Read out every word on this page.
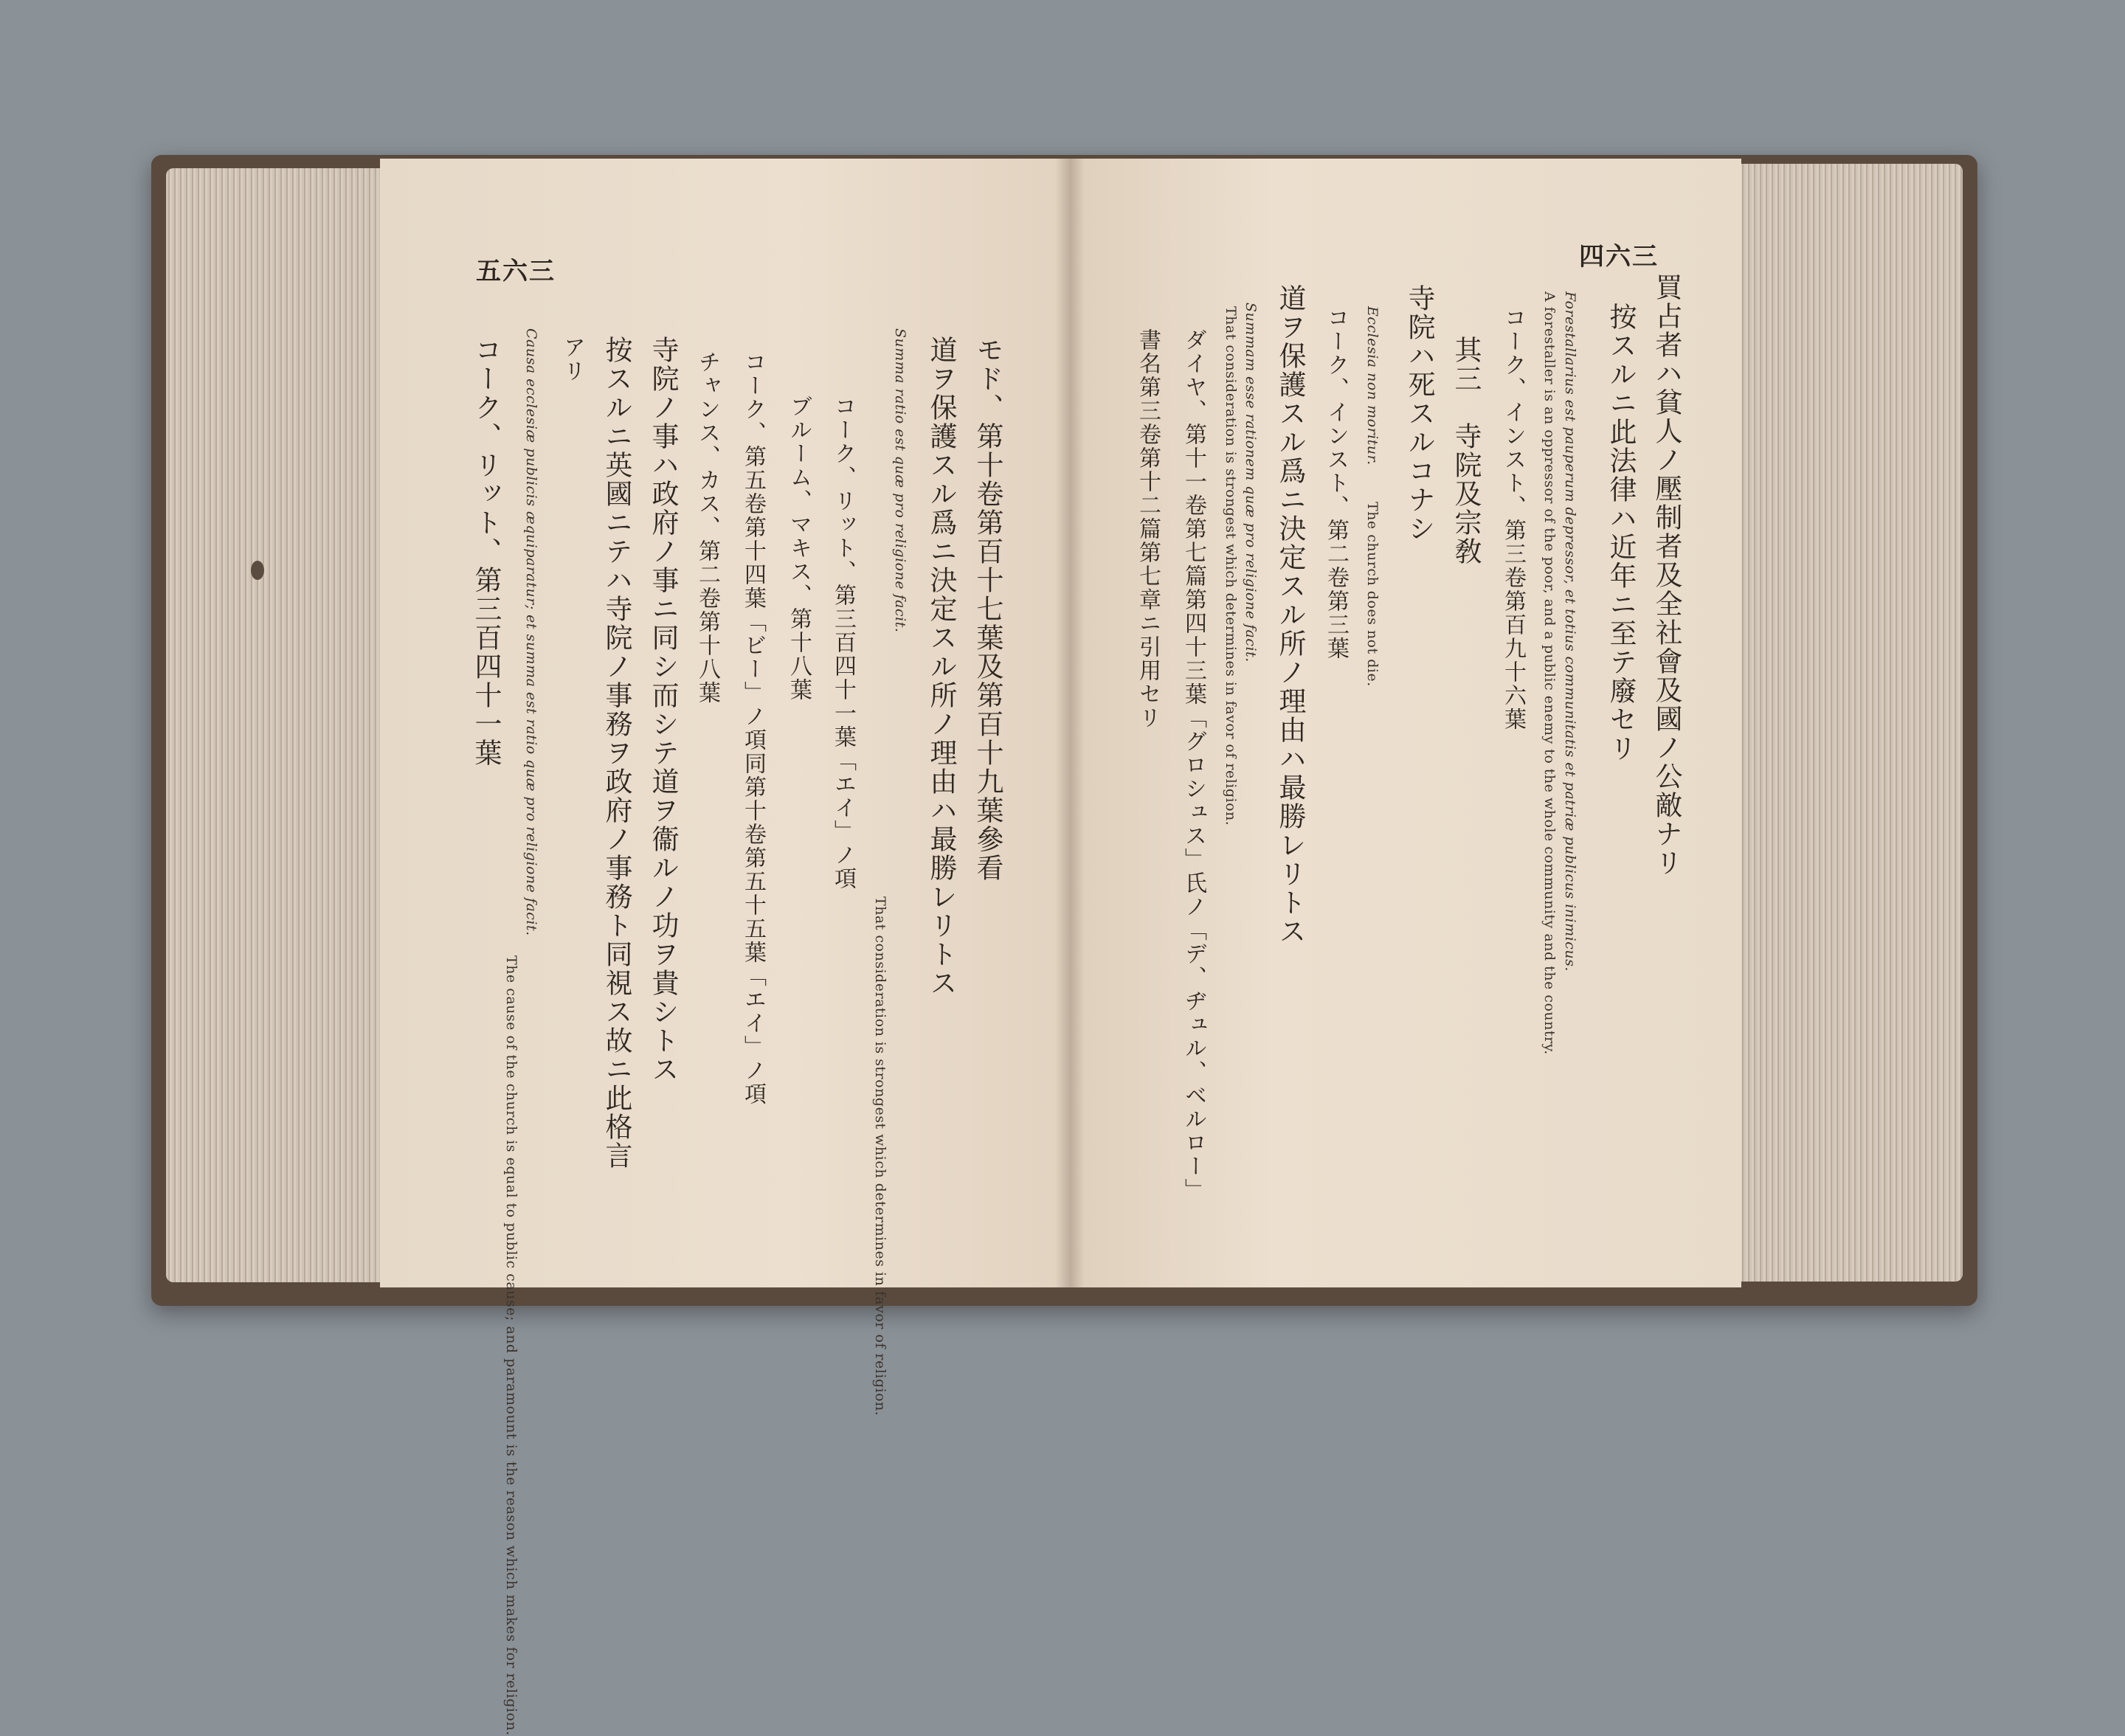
五六三
モド、第十卷第百十七葉及第百十九葉參看
道ヲ保護スル爲ニ決定スル所ノ理由ハ最勝レリトス
Summa ratio est quæ pro religione facit.
That consideration is strongest which determines in favor of religion.
コーク、リット、第三百四十一葉「エイ」ノ項
ブルーム、マキス、第十八葉
コーク、第五卷第十四葉「ビー」ノ項同第十卷第五十五葉「エイ」ノ項
チャンス、カス、第二卷第十八葉
寺院ノ事ハ政府ノ事ニ同シ而シテ道ヲ衞ルノ功ヲ貴シトス
按スルニ英國ニテハ寺院ノ事務ヲ政府ノ事務ト同視ス故ニ此格言
アリ
Causa ecclesiæ publicis æquiparatur; et summa est ratio quæ pro religione facit.
The cause of the church is equal to public cause; and paramount is the reason which makes for religion.
コーク、リット、第三百四十一葉
四六三
買占者ハ貧人ノ壓制者及全社會及國ノ公敵ナリ
按スルニ此法律ハ近年ニ至テ廢セリ
Forestallarius est pauperum depressor, et totius communitatis et patriæ publicus inimicus.
A forestaller is an oppressor of the poor, and a public enemy to the whole community and the country.
コーク、インスト、第三卷第百九十六葉
其三　寺院及宗敎
寺院ハ死スルコナシ
Ecclesia non moritur.
The church does not die.
コーク、インスト、第二卷第三葉
道ヲ保護スル爲ニ決定スル所ノ理由ハ最勝レリトス
Summam esse rationem quæ pro religione facit.
That consideration is strongest which determines in favor of religion.
ダイヤ、第十一卷第七篇第四十三葉「グロシュス」氏ノ「デ、ヂュル、ベルロー」
書名第三卷第十二篇第七章ニ引用セリ
